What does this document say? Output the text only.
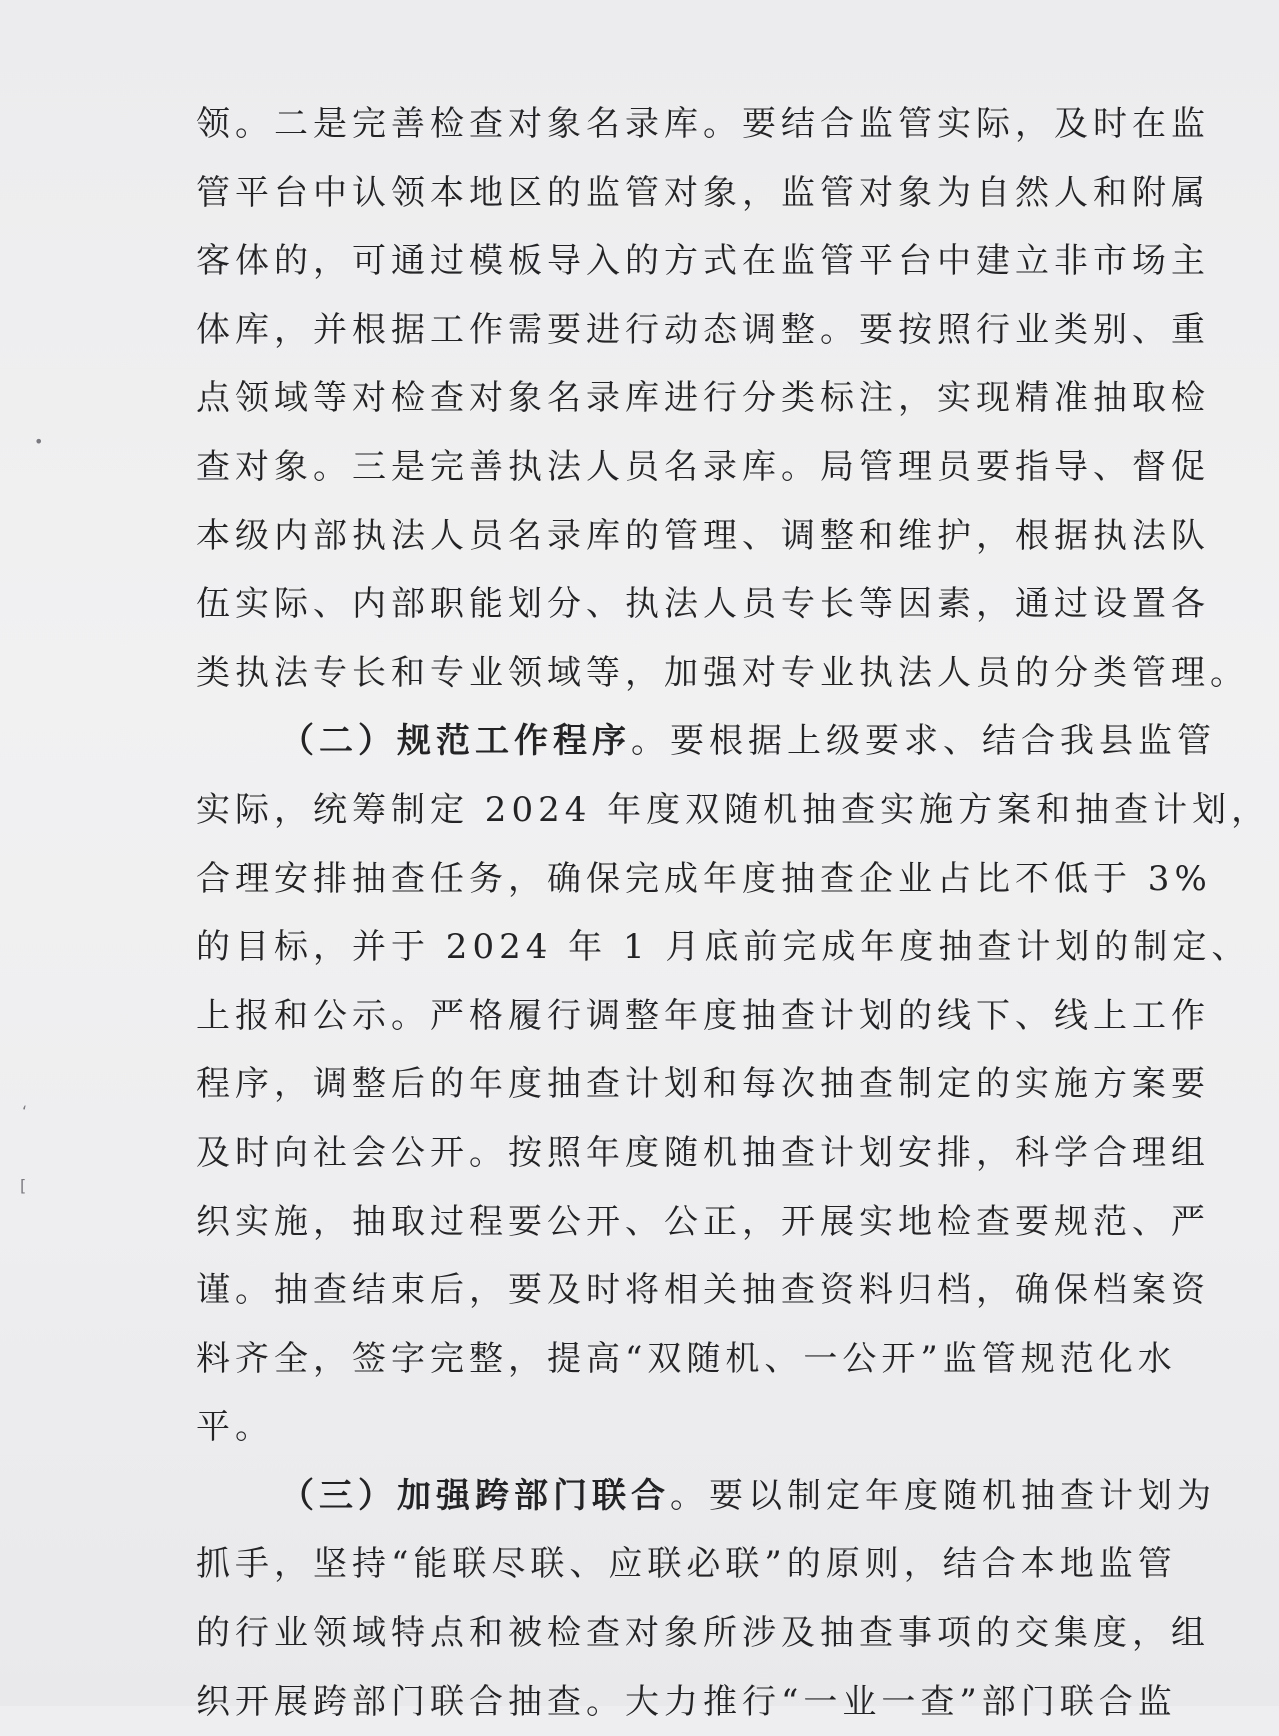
•
‘
[
领。二是完善检查对象名录库。要结合监管实际，及时在监
管平台中认领本地区的监管对象，监管对象为自然人和附属
客体的，可通过模板导入的方式在监管平台中建立非市场主
体库，并根据工作需要进行动态调整。要按照行业类别、重
点领域等对检查对象名录库进行分类标注，实现精准抽取检
查对象。三是完善执法人员名录库。局管理员要指导、督促
本级内部执法人员名录库的管理、调整和维护，根据执法队
伍实际、内部职能划分、执法人员专长等因素，通过设置各
类执法专长和专业领域等，加强对专业执法人员的分类管理。
（二）规范工作程序。要根据上级要求、结合我县监管
实际，统筹制定 2024 年度双随机抽查实施方案和抽查计划，
合理安排抽查任务，确保完成年度抽查企业占比不低于 3%
的目标，并于 2024 年 1 月底前完成年度抽查计划的制定、
上报和公示。严格履行调整年度抽查计划的线下、线上工作
程序，调整后的年度抽查计划和每次抽查制定的实施方案要
及时向社会公开。按照年度随机抽查计划安排，科学合理组
织实施，抽取过程要公开、公正，开展实地检查要规范、严
谨。抽查结束后，要及时将相关抽查资料归档，确保档案资
料齐全，签字完整，提高“双随机、一公开”监管规范化水
平。
（三）加强跨部门联合。要以制定年度随机抽查计划为
抓手，坚持“能联尽联、应联必联”的原则，结合本地监管
的行业领域特点和被检查对象所涉及抽查事项的交集度，组
织开展跨部门联合抽查。大力推行“一业一查”部门联合监
